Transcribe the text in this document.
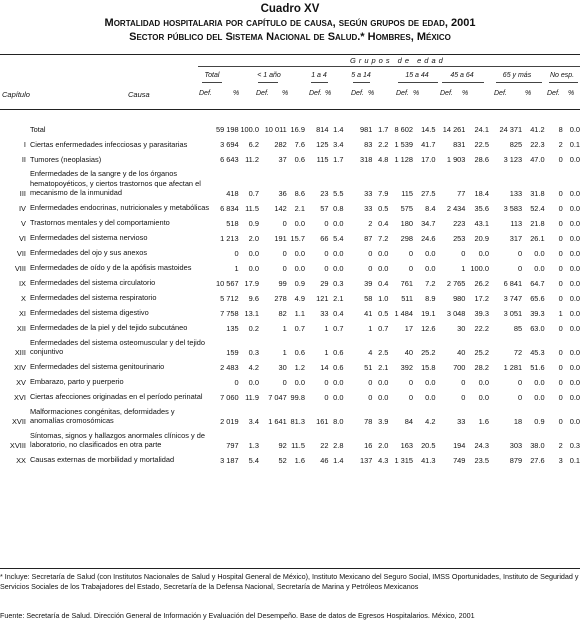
Cuadro XV
Mortalidad hospitalaria por capítulo de causa, según grupos de edad, 2001
Sector público del Sistema Nacional de Salud.* Hombres, México
Grupos de edad
Total	< 1 año	1 a 4	5 a 14	15 a 44	45 a 64	65 y más	No esp.
Capítulo	Causa	Def.	% Def. %	Def. %	Def. %	Def. %	Def. %	Def.	% Def. %
	Total	59 198	100.0	10 011	16.9	814	1.4	981	1.7	8 602	14.5	14 261	24.1	24 371	41.2	8	0.0

I	Ciertas enfermedades infecciosas y parasitarias	3 694	6.2	282	7.6	125	3.4	83	2.2	1 539	41.7	831	22.5	825	22.3	2	0.1

II	Tumores (neoplasias)	6 643	11.2	37	0.6	115	1.7	318	4.8	1 128	17.0	1 903	28.6	3 123	47.0	0	0.0

III	Enfermedades de la sangre y de los órganos hematopoyéticos, y ciertos trastornos que afectan el mecanismo de la inmunidad	418	0.7	36	8.6	23	5.5	33	7.9	115	27.5	77	18.4	133	31.8	0	0.0

IV	Enfermedades endocrinas, nutricionales y metabólicas	6 834	11.5	142	2.1	57	0.8	33	0.5	575	8.4	2 434	35.6	3 583	52.4	0	0.0

V	Trastornos mentales y del comportamiento	518	0.9	0	0.0	0	0.0	2	0.4	180	34.7	223	43.1	113	21.8	0	0.0

VI	Enfermedades del sistema nervioso	1 213	2.0	191	15.7	66	5.4	87	7.2	298	24.6	253	20.9	317	26.1	0	0.0

VII	Enfermedades del ojo y sus anexos	0	0.0	0	0.0	0	0.0	0	0.0	0	0.0	0	0.0	0	0.0	0	0.0

VIII	Enfermedades de oído y de la apófisis mastoides	1	0.0	0	0.0	0	0.0	0	0.0	0	0.0	1	100.0	0	0.0	0	0.0

IX	Enfermedades del sistema circulatorio	10 567	17.9	99	0.9	29	0.3	39	0.4	761	7.2	2 765	26.2	6 841	64.7	0	0.0

X	Enfermedades del sistema respiratorio	5 712	9.6	278	4.9	121	2.1	58	1.0	511	8.9	980	17.2	3 747	65.6	0	0.0

XI	Enfermedades del sistema digestivo	7 758	13.1	82	1.1	33	0.4	41	0.5	1 484	19.1	3 048	39.3	3 051	39.3	1	0.0

XII	Enfermedades de la piel y del tejido subcutáneo	135	0.2	1	0.7	1	0.7	1	0.7	17	12.6	30	22.2	85	63.0	0	0.0

XIII	Enfermedades del sistema osteomuscular y del tejido conjuntivo	159	0.3	1	0.6	1	0.6	4	2.5	40	25.2	40	25.2	72	45.3	0	0.0

XIV	Enfermedades del sistema genitourinario	2 483	4.2	30	1.2	14	0.6	51	2.1	392	15.8	700	28.2	1 281	51.6	0	0.0

XV	Embarazo, parto y puerperio	0	0.0	0	0.0	0	0.0	0	0.0	0	0.0	0	0.0	0	0.0	0	0.0

XVI	Ciertas afecciones originadas en el período perinatal	7 060	11.9	7 047	99.8	0	0.0	0	0.0	0	0.0	0	0.0	0	0.0	0	0.0

XVII	Malformaciones congénitas, deformidades y anomalías cromosómicas	2 019	3.4	1 641	81.3	161	8.0	78	3.9	84	4.2	33	1.6	18	0.9	0	0.0

XVIII	Síntomas, signos y hallazgos anormales clínicos y de laboratorio, no clasificados en otra parte	797	1.3	92	11.5	22	2.8	16	2.0	163	20.5	194	24.3	303	38.0	2	0.3

XX	Causas externas de morbilidad y mortalidad	3 187	5.4	52	1.6	46	1.4	137	4.3	1 315	41.3	749	23.5	879	27.6	3	0.1

* Incluye: Secretaría de Salud (con Institutos Nacionales de Salud y Hospital General de México), Instituto Mexicano del Seguro Social, IMSS Oportunidades, Instituto de Seguridad y Servicios Sociales de los Trabajadores del Estado, Secretaría de la Defensa Nacional, Secretaría de Marina y Petróleos Mexicanos
Fuente: Secretaría de Salud. Dirección General de Información y Evaluación del Desempeño. Base de datos de Egresos Hospitalarios. México, 2001
